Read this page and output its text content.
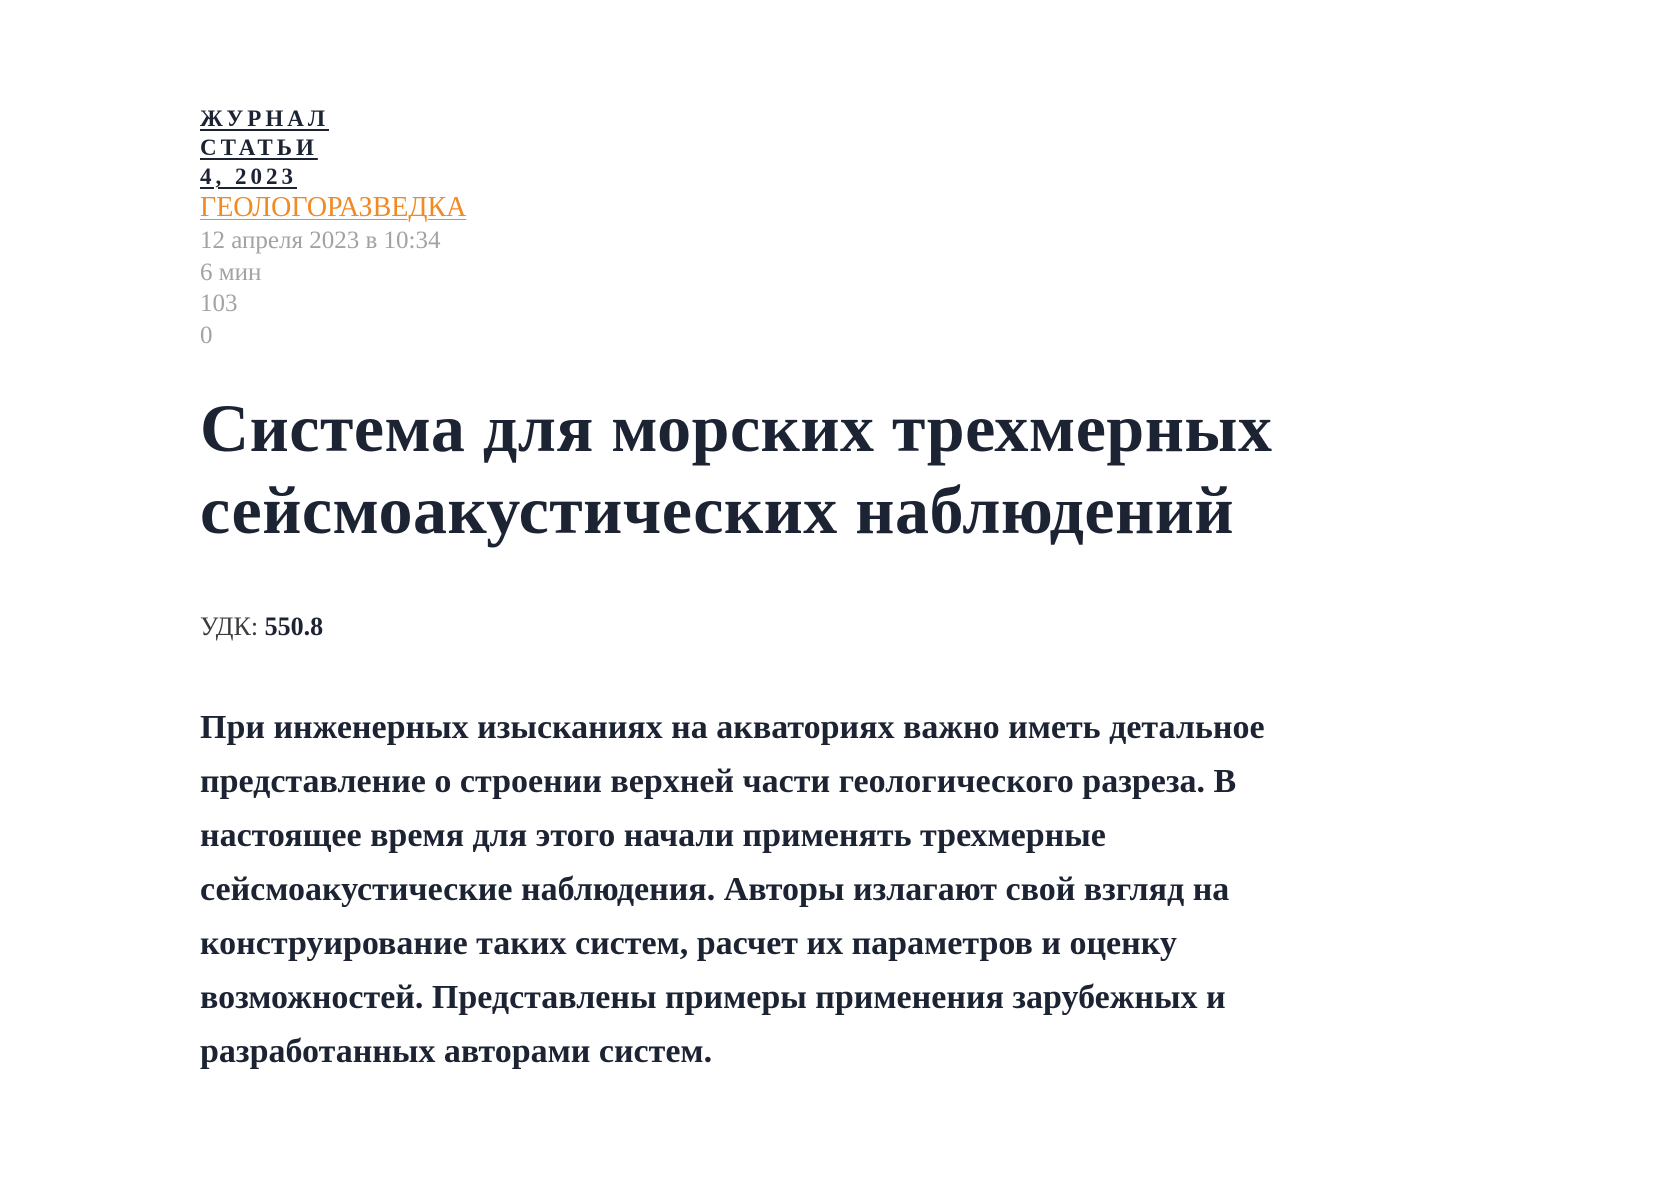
ЖУРНАЛ
СТАТЬИ
4, 2023
ГЕОЛОГОРАЗВЕДКА
12 апреля 2023 в 10:34
6 мин
103
0
Система для морских трехмерных
сейсмоакустических наблюдений
УДК: 550.8
При инженерных изысканиях на акваториях важно иметь детальное
представление о строении верхней части геологического разреза. В
настоящее время для этого начали применять трехмерные
сейсмоакустические наблюдения. Авторы излагают свой взгляд на
конструирование таких систем, расчет их параметров и оценку
возможностей. Представлены примеры применения зарубежных и
разработанных авторами систем.
